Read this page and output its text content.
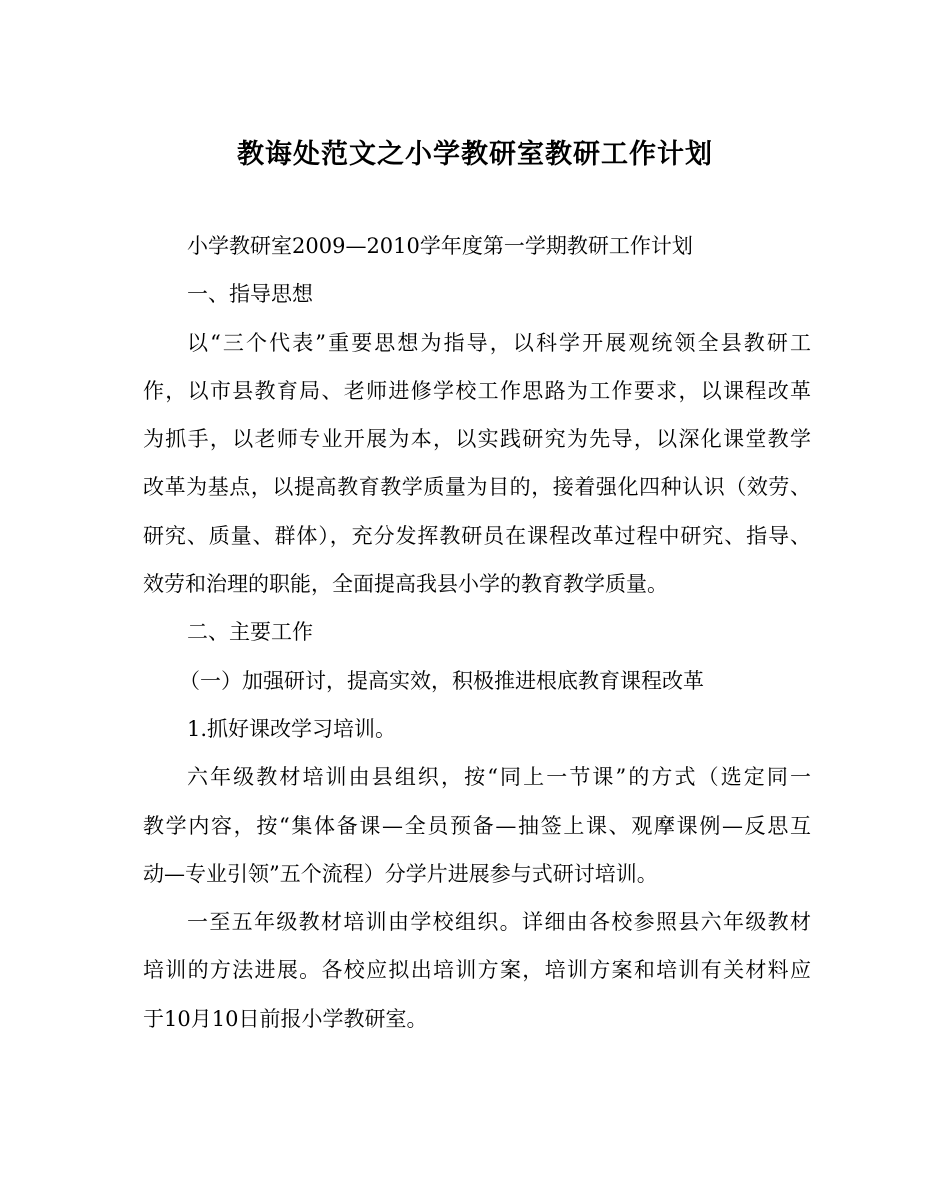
教诲处范文之小学教研室教研工作计划

小学教研室2009—2010学年度第一学期教研工作计划

一、指导思想

以“三个代表”重要思想为指导，以科学开展观统领全县教研工

作，以市县教育局、老师进修学校工作思路为工作要求，以课程改革

为抓手，以老师专业开展为本，以实践研究为先导，以深化课堂教学

改革为基点，以提高教育教学质量为目的，接着强化四种认识（效劳、

研究、质量、群体），充分发挥教研员在课程改革过程中研究、指导、

效劳和治理的职能，全面提高我县小学的教育教学质量。

二、主要工作

（一）加强研讨，提高实效，积极推进根底教育课程改革

1.抓好课改学习培训。

六年级教材培训由县组织，按“同上一节课”的方式（选定同一

教学内容，按“集体备课—全员预备—抽签上课、观摩课例—反思互

动—专业引领”五个流程）分学片进展参与式研讨培训。

一至五年级教材培训由学校组织。详细由各校参照县六年级教材

培训的方法进展。各校应拟出培训方案，培训方案和培训有关材料应

于10月10日前报小学教研室。
